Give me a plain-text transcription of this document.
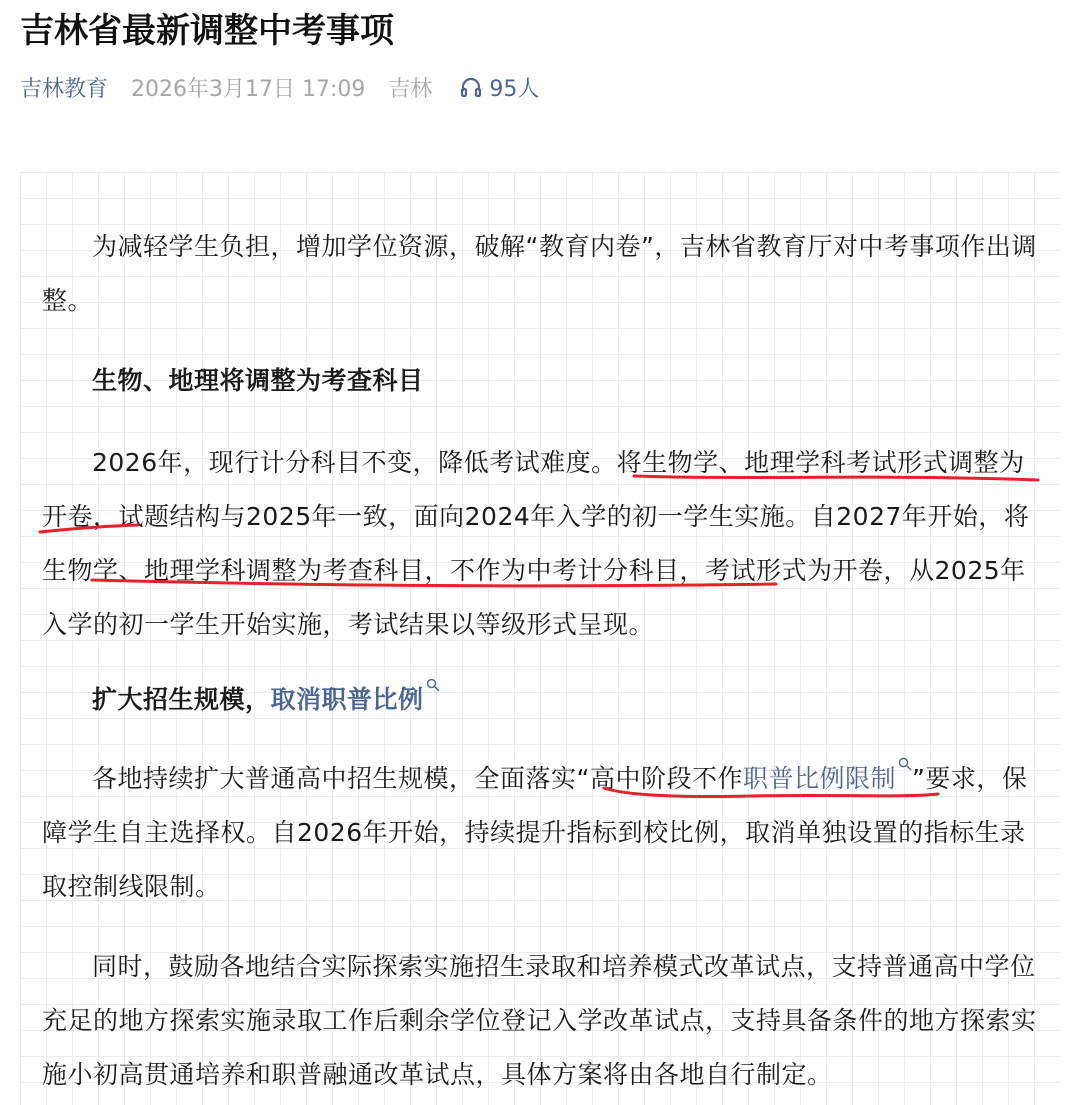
吉林省最新调整中考事项
吉林教育 2026年3月17日 17:09 吉林	95人

为减轻学生负担，增加学位资源，破解“教育内卷”，吉林省教育厅对中考事项作出调整。

生物、地理将调整为考查科目

2026年，现行计分科目不变，降低考试难度。将生物学、地理学科考试形式调整为开卷，试题结构与2025年一致，面向2024年入学的初一学生实施。自2027年开始，将生物学、地理学科调整为考查科目，不作为中考计分科目，考试形式为开卷，从2025年入学的初一学生开始实施，考试结果以等级形式呈现。

扩大招生规模，取消职普比例

各地持续扩大普通高中招生规模，全面落实“高中阶段不作职普比例限制 ”要求，保障学生自主选择权。自2026年开始，持续提升指标到校比例，取消单独设置的指标生录取控制线限制。

同时，鼓励各地结合实际探索实施招生录取和培养模式改革试点，支持普通高中学位充足的地方探索实施录取工作后剩余学位登记入学改革试点，支持具备条件的地方探索实施小初高贯通培养和职普融通改革试点，具体方案将由各地自行制定。
